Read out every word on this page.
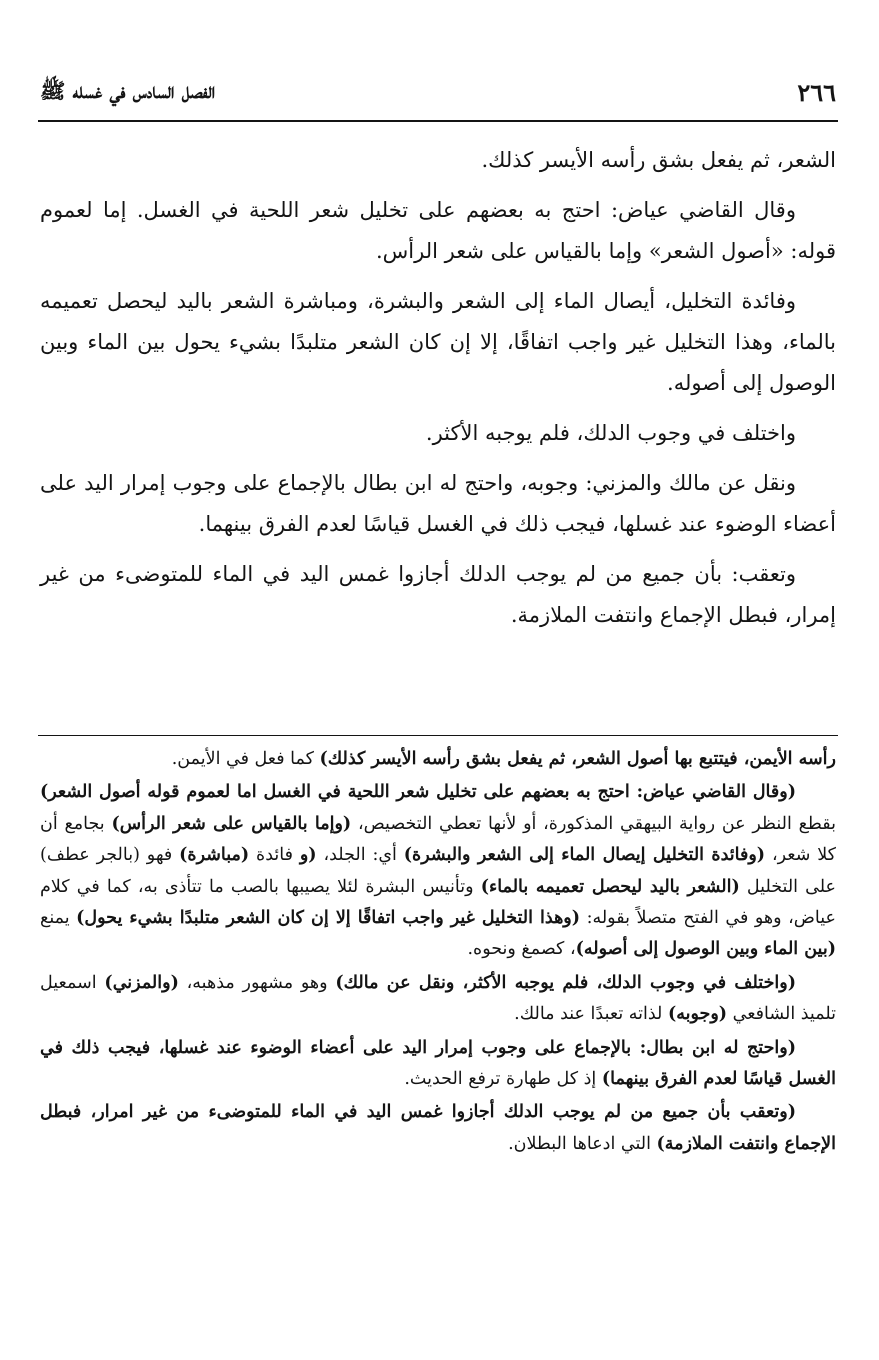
٢٦٦
الفصل السادس في غسله ﷺ

الشعر، ثم يفعل بشق رأسه الأيسر كذلك.

وقال القاضي عياض: احتج به بعضهم على تخليل شعر اللحية في الغسل. إما لعموم قوله: «أصول الشعر» وإما بالقياس على شعر الرأس.

وفائدة التخليل، أيصال الماء إلى الشعر والبشرة، ومباشرة الشعر باليد ليحصل تعميمه بالماء، وهذا التخليل غير واجب اتفاقًا، إلا إن كان الشعر متلبدًا بشيء يحول بين الماء وبين الوصول إلى أصوله.

واختلف في وجوب الدلك، فلم يوجبه الأكثر.

ونقل عن مالك والمزني: وجوبه، واحتج له ابن بطال بالإجماع على وجوب إمرار اليد على أعضاء الوضوء عند غسلها، فيجب ذلك في الغسل قياسًا لعدم الفرق بينهما.

وتعقب: بأن جميع من لم يوجب الدلك أجازوا غمس اليد في الماء للمتوضىء من غير إمرار، فبطل الإجماع وانتفت الملازمة.

رأسه الأيمن، فيتتبع بها أصول الشعر، ثم يفعل بشق رأسه الأيسر كذلك) كما فعل في الأيمن.

(وقال القاضي عياض: احتج به بعضهم على تخليل شعر اللحية في الغسل اما لعموم قوله أصول الشعر) بقطع النظر عن رواية البيهقي المذكورة، أو لأنها تعطي التخصيص، (وإما بالقياس على شعر الرأس) بجامع أن كلا شعر، (وفائدة التخليل إيصال الماء إلى الشعر والبشرة) أي: الجلد، (و فائدة (مباشرة) فهو (بالجر عطف) على التخليل (الشعر باليد ليحصل تعميمه بالماء) وتأنيس البشرة لئلا يصيبها بالصب ما تتأذى به، كما في كلام عياض، وهو في الفتح متصلاً بقوله: (وهذا التخليل غير واجب اتفاقًا إلا إن كان الشعر متلبدًا بشيء يحول) يمنع (بين الماء وبين الوصول إلى أصوله)، كصمغ ونحوه.

(واختلف في وجوب الدلك، فلم يوجبه الأكثر، ونقل عن مالك) وهو مشهور مذهبه، (والمزني) اسمعيل تلميذ الشافعي (وجوبه) لذاته تعبدًا عند مالك.

(واحتج له ابن بطال: بالإجماع على وجوب إمرار اليد على أعضاء الوضوء عند غسلها، فيجب ذلك في الغسل قياسًا لعدم الفرق بينهما) إذ كل طهارة ترفع الحديث.

(وتعقب بأن جميع من لم يوجب الدلك أجازوا غمس اليد في الماء للمتوضىء من غير امرار، فبطل الإجماع وانتفت الملازمة) التي ادعاها البطلان.
